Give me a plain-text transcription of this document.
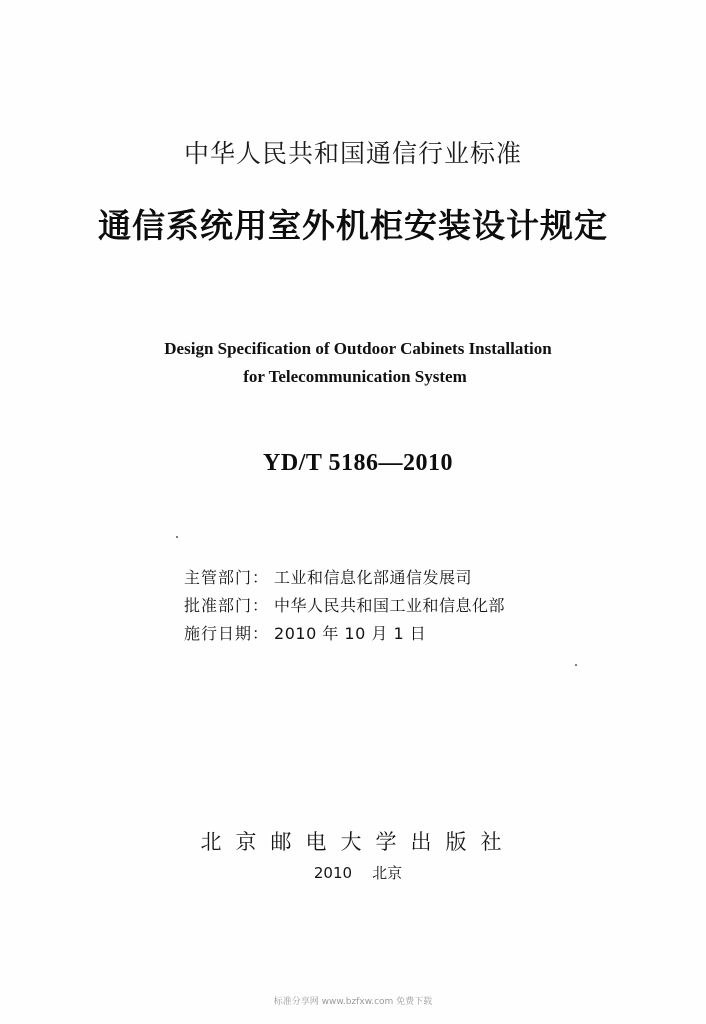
中华人民共和国通信行业标准
通信系统用室外机柜安装设计规定
Design Specification of Outdoor Cabinets Installation
for Telecommunication System
YD/T 5186—2010
主管部门： 工业和信息化部通信发展司
批准部门： 中华人民共和国工业和信息化部
施行日期： 2010 年 10 月 1 日
北京邮电大学出版社
2010 北京
标准分享网 www.bzfxw.com 免费下载
